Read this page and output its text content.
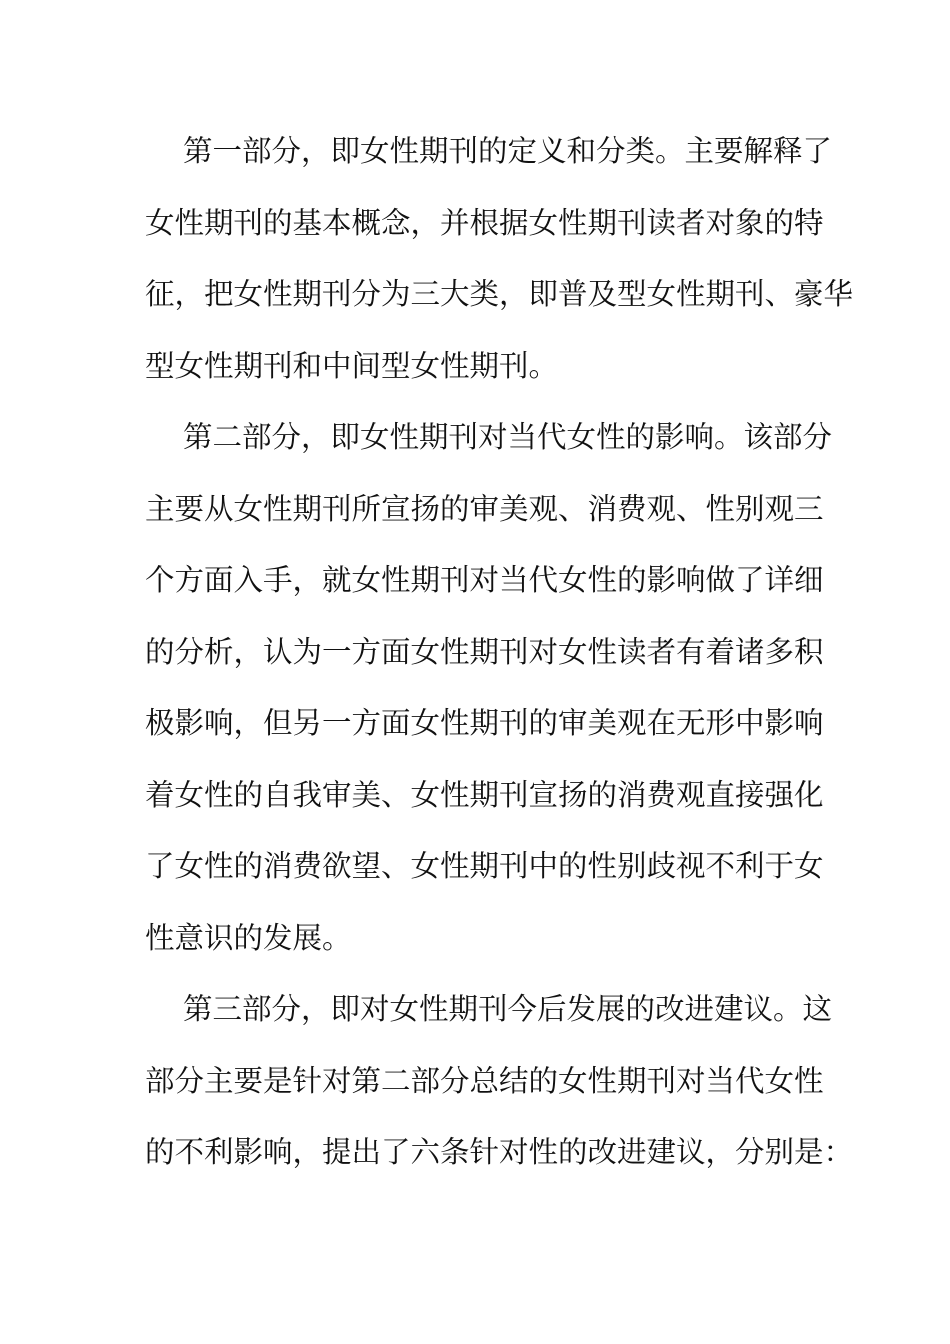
第一部分，即女性期刊的定义和分类。主要解释了
女性期刊的基本概念，并根据女性期刊读者对象的特
征，把女性期刊分为三大类，即普及型女性期刊、豪华
型女性期刊和中间型女性期刊。
第二部分，即女性期刊对当代女性的影响。该部分
主要从女性期刊所宣扬的审美观、消费观、性别观三
个方面入手，就女性期刊对当代女性的影响做了详细
的分析，认为一方面女性期刊对女性读者有着诸多积
极影响，但另一方面女性期刊的审美观在无形中影响
着女性的自我审美、女性期刊宣扬的消费观直接强化
了女性的消费欲望、女性期刊中的性别歧视不利于女
性意识的发展。
第三部分，即对女性期刊今后发展的改进建议。这
部分主要是针对第二部分总结的女性期刊对当代女性
的不利影响，提出了六条针对性的改进建议，分别是：
